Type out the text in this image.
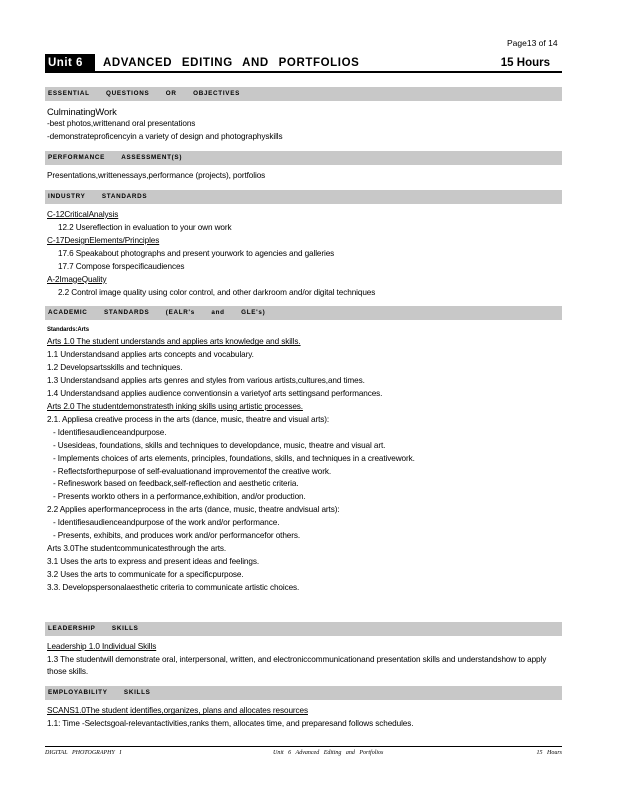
Page13 of 14
Unit 6	ADVANCED EDITING AND PORTFOLIOS	15 Hours
ESSENTIAL QUESTIONS OR OBJECTIVES

CulminatingWork

-best photos,writtenand oral presentations

-demonstrateproficencyin a variety of design and photographyskills

PERFORMANCE ASSESSMENT(S)

Presentations,writtenessays,performance (projects), portfolios

INDUSTRY STANDARDS

C-12CriticalAnalysis

12.2 Usereflection in evaluation to your own work

C-17DesignElements/Principles

17.6 Speakabout photographs and present yourwork to agencies and galleries

17.7 Compose forspecificaudiences

A-2ImageQuality

2.2 Control image quality using color control, and other darkroom and/or digital techniques

ACADEMIC STANDARDS (EALR's and GLE's)

Standards:Arts

Arts 1.0 The student understands and applies arts knowledge and skills.

1.1 Understandsand applies arts concepts and vocabulary.

1.2 Developsartsskills and techniques.

1.3 Understandsand applies arts genres and styles from various artists,cultures,and times.

1.4 Understandsand applies audience conventionsin a varietyof arts settingsand performances.

Arts 2.0 The studentdemonstratesth inking skills using artistic processes.

2.1. Appliesa creative process in the arts (dance, music, theatre and visual arts):

- Identifiesaudienceandpurpose.

- Usesideas, foundations, skills and techniques to developdance, music, theatre and visual art.

- Implements choices of arts elements, principles, foundations, skills, and techniques in a creativework.

- Reflectsforthepurpose of self-evaluationand improvementof the creative work.

- Refineswork based on feedback,self-reflection and aesthetic criteria.

- Presents workto others in a performance,exhibition, and/or production.

2.2 Applies aperformanceprocess in the arts (dance, music, theatre andvisual arts):

- Identifiesaudienceandpurpose of the work and/or performance.

- Presents, exhibits, and produces work and/or performancefor others.

Arts 3.0The studentcommunicatesthrough the arts.

3.1 Uses the arts to express and present ideas and feelings.

3.2 Uses the arts to communicate for a specificpurpose.

3.3. Developspersonalaesthetic criteria to communicate artistic choices.

LEADERSHIP SKILLS

Leadership 1.0 Individual Skills

1.3 The studentwill demonstrate oral, interpersonal, written, and electroniccommunicationand presentation skills and understandshow to apply those skills.

EMPLOYABILITY SKILLS

SCANS1.0The student identifies,organizes, plans and allocates resources

1.1: Time -Selectsgoal-relevantactivities,ranks them, allocates time, and preparesand follows schedules.

DIGITAL PHOTOGRAPHY I	Unit 6 Advanced Editing and Portfolios	15 Hours
